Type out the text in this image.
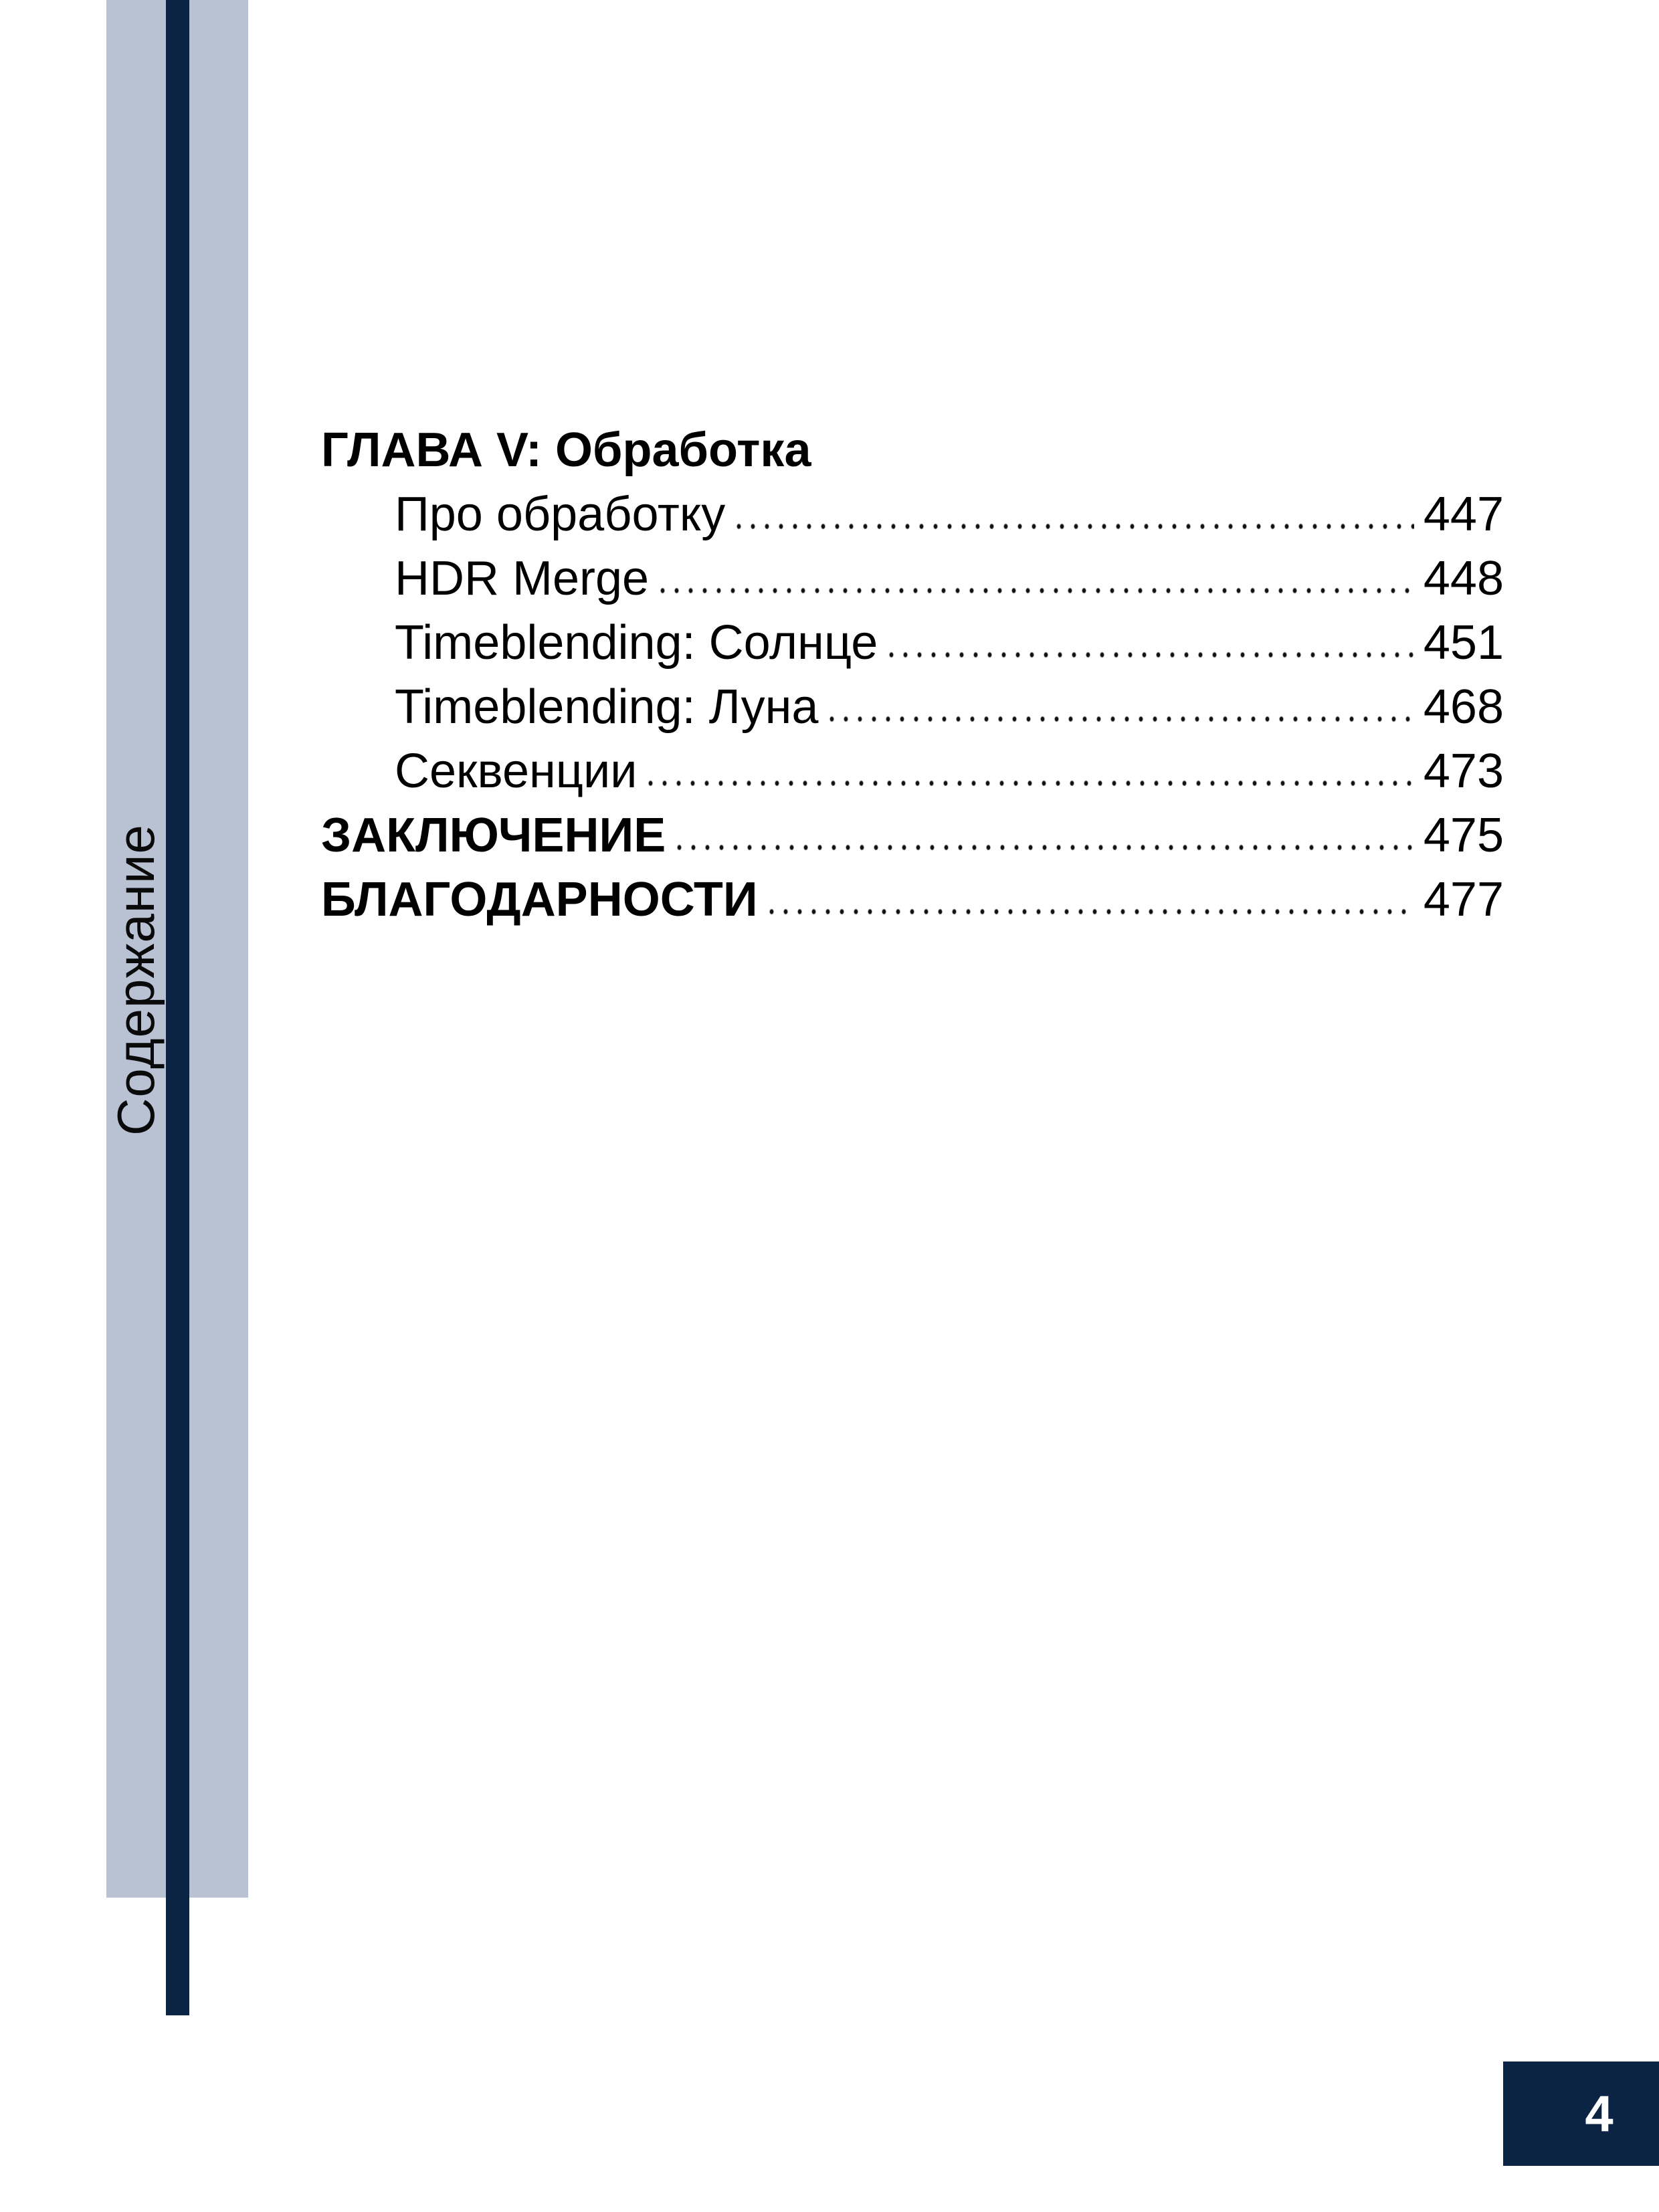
Содержание
ГЛАВА V: Обработка
Про обработку	447
HDR Merge	448
Timeblending: Солнце	451
Timeblending: Луна	468
Секвенции	473
ЗАКЛЮЧЕНИЕ	475
БЛАГОДАРНОСТИ	477
4
